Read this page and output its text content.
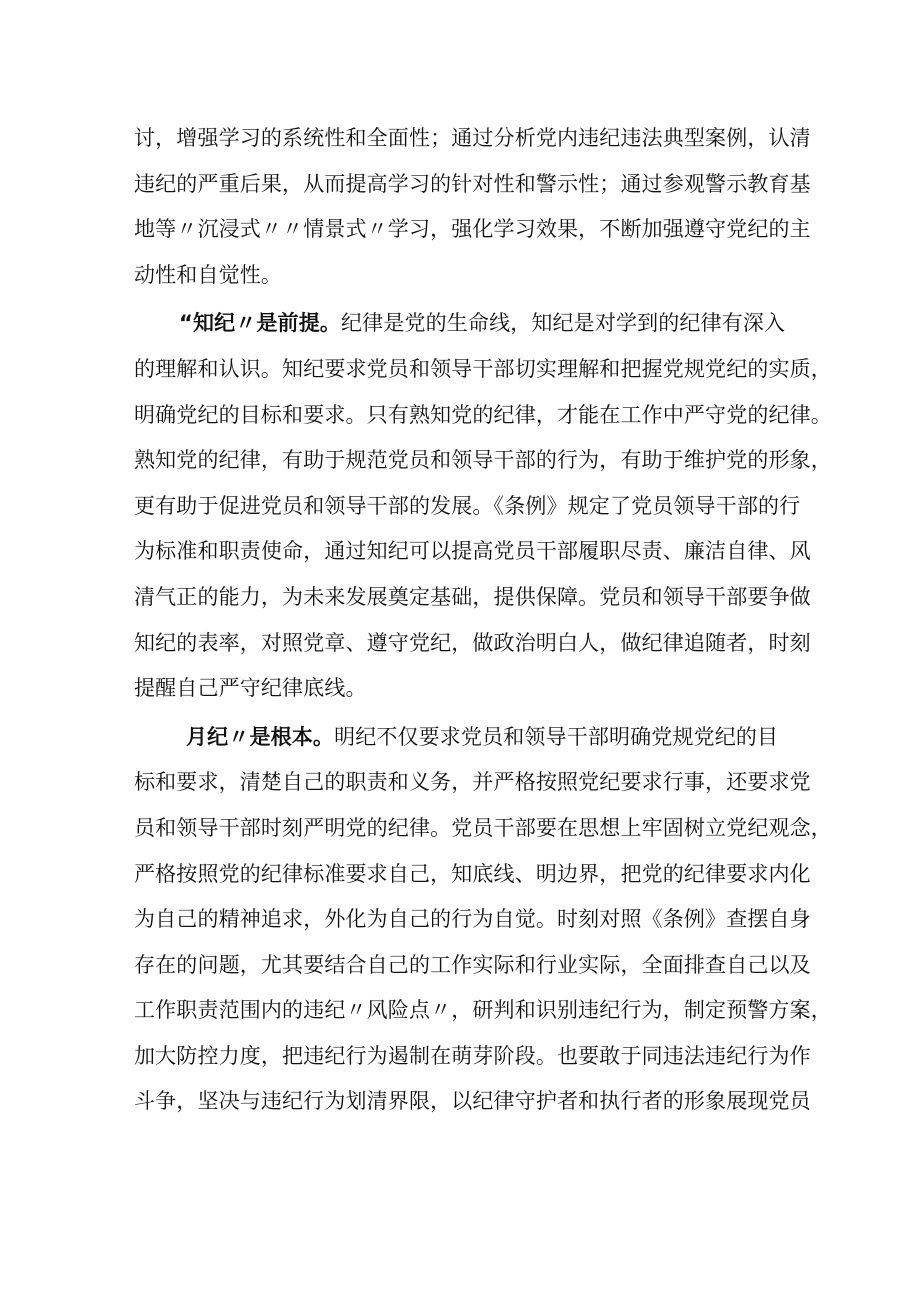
讨，增强学习的系统性和全面性；通过分析党内违纪违法典型案例，认清
违纪的严重后果，从而提高学习的针对性和警示性；通过参观警示教育基
地等〃沉浸式〃〃情景式〃学习，强化学习效果，不断加强遵守党纪的主
动性和自觉性。
“知纪〃是前提。纪律是党的生命线，知纪是对学到的纪律有深入
的理解和认识。知纪要求党员和领导干部切实理解和把握党规党纪的实质，
明确党纪的目标和要求。只有熟知党的纪律，才能在工作中严守党的纪律。
熟知党的纪律，有助于规范党员和领导干部的行为，有助于维护党的形象，
更有助于促进党员和领导干部的发展。《条例》规定了党员领导干部的行
为标准和职责使命，通过知纪可以提高党员干部履职尽责、廉洁自律、风
清气正的能力，为未来发展奠定基础，提供保障。党员和领导干部要争做
知纪的表率，对照党章、遵守党纪，做政治明白人，做纪律追随者，时刻
提醒自己严守纪律底线。
月纪〃是根本。明纪不仅要求党员和领导干部明确党规党纪的目
标和要求，清楚自己的职责和义务，并严格按照党纪要求行事，还要求党
员和领导干部时刻严明党的纪律。党员干部要在思想上牢固树立党纪观念，
严格按照党的纪律标准要求自己，知底线、明边界，把党的纪律要求内化
为自己的精神追求，外化为自己的行为自觉。时刻对照《条例》查摆自身
存在的问题，尤其要结合自己的工作实际和行业实际，全面排查自己以及
工作职责范围内的违纪〃风险点〃，研判和识别违纪行为，制定预警方案，
加大防控力度，把违纪行为遏制在萌芽阶段。也要敢于同违法违纪行为作
斗争，坚决与违纪行为划清界限，以纪律守护者和执行者的形象展现党员
